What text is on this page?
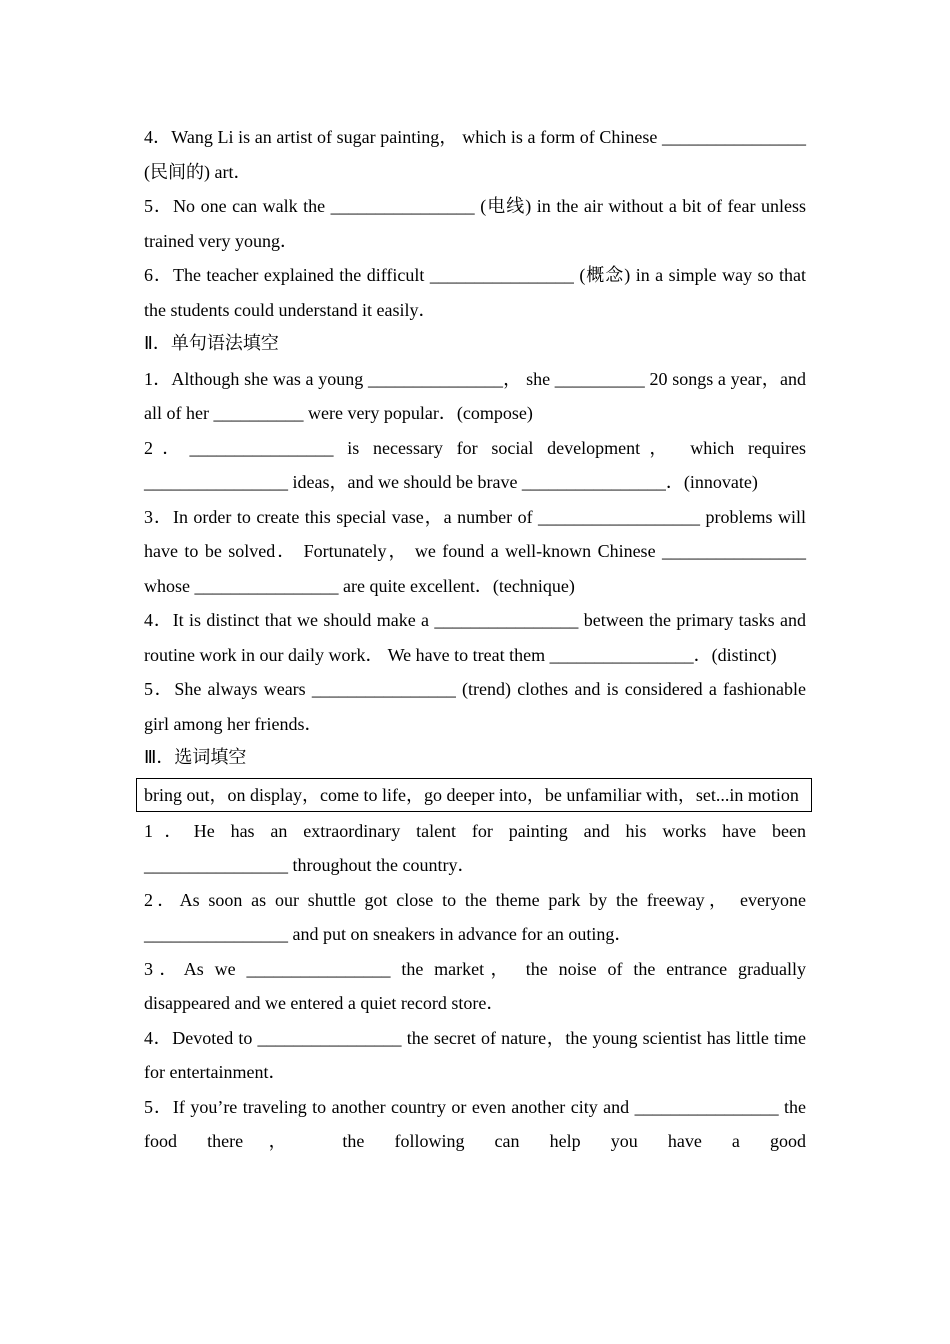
4．Wang Li is an artist of sugar painting， which is a form of Chinese ________________ (民间的) art．

5．No one can walk the ________________ (电线) in the air without a bit of fear unless trained very young．

6．The teacher explained the difficult ________________ (概念) in a simple way so that the students could understand it easily．

Ⅱ．单句语法填空

1．Although she was a young _______________， she __________ 20 songs a year，and all of her __________ were very popular．(compose)

2．________________ is necessary for social development， which requires ________________ ideas，and we should be brave ________________．(innovate)

3．In order to create this special vase，a number of __________________ problems will have to be solved． Fortunately， we found a well-known Chinese ________________ whose ________________ are quite excellent．(technique)

4．It is distinct that we should make a ________________ between the primary tasks and routine work in our daily work． We have to treat them ________________．(distinct)

5．She always wears ________________ (trend) clothes and is considered a fashionable girl among her friends．

Ⅲ．选词填空

bring out，on display，come to life，go deeper into，be unfamiliar with，set...in motion

1．He has an extraordinary talent for painting and his works have been ________________ throughout the country．

2．As soon as our shuttle got close to the theme park by the freeway， everyone ________________ and put on sneakers in advance for an outing．

3．As we ________________ the market， the noise of the entrance gradually disappeared and we entered a quiet record store．

4．Devoted to ________________ the secret of nature，the young scientist has little time for entertainment．

5．If you’re traveling to another country or even another city and ________________ the food there， the following can help you have a good
